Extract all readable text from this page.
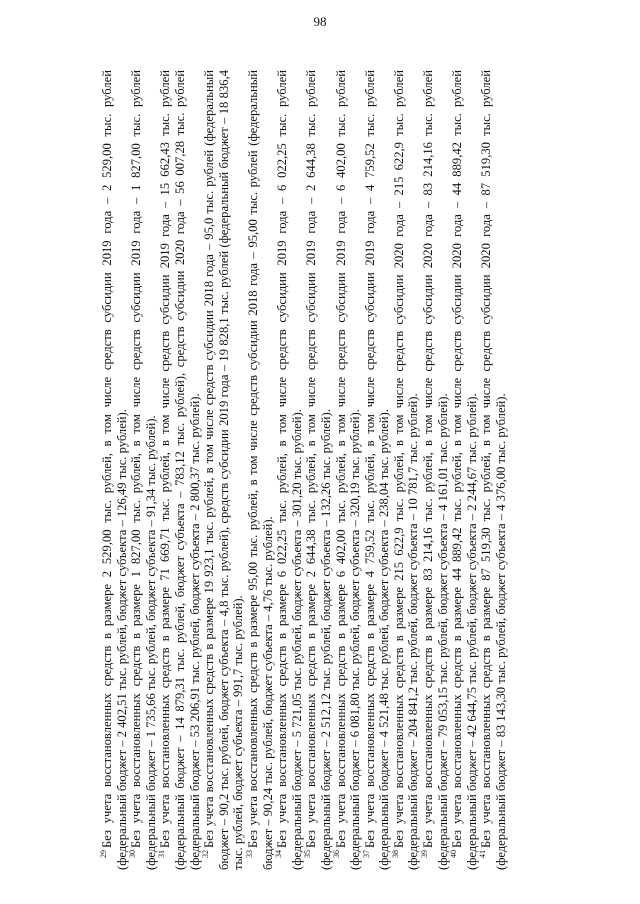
98

$^{29}$Без учета восстановленных средств в размере 2 529,00 тыс. рублей, в том числе средств субсидии 2019 года – 2 529,00 тыс. рублей (федеральный бюджет – 2 402,51 тыс. рублей, бюджет субъекта – 126,49 тыс. рублей). $^{30}$Без учета восстановленных средств в размере 1 827,00 тыс. рублей, в том числе средств субсидии 2019 года – 1 827,00 тыс. рублей (федеральный бюджет – 1 735,66 тыс. рублей, бюджет субъекта – 91,34 тыс. рублей). $^{31}$Без учета восстановленных средств в размере 71 669,71 тыс. рублей, в том числе средств субсидии 2019 года – 15 662,43 тыс. рублей (федеральный бюджет – 14 879,31 тыс. рублей, бюджет субъекта – 783,12 тыс. рублей), средств субсидии 2020 года – 56 007,28 тыс. рублей (федеральный бюджет – 53 206,91 тыс. рублей, бюджет субъекта – 2 800,37 тыс. рублей). $^{32}$Без учета восстановленных средств в размере 19 923,1 тыс. рублей, в том числе средств субсидии 2018 года – 95,0 тыс. рублей (федеральный бюджет – 90,2 тыс. рублей, бюджет субъекта – 4,8 тыс. рублей), средств субсидии 2019 года – 19 828,1 тыс. рублей (федеральный бюджет – 18 836,4 тыс. рублей, бюджет субъекта – 991,7 тыс. рублей). $^{33}$Без учета восстановленных средств в размере 95,00 тыс. рублей, в том числе средств субсидии 2018 года – 95,00 тыс. рублей (федеральный бюджет – 90,24 тыс. рублей, бюджет субъекта – 4,76 тыс. рублей). $^{34}$Без учета восстановленных средств в размере 6 022,25 тыс. рублей, в том числе средств субсидии 2019 года – 6 022,25 тыс. рублей (федеральный бюджет – 5 721,05 тыс. рублей, бюджет субъекта – 301,20 тыс. рублей). $^{35}$Без учета восстановленных средств в размере 2 644,38 тыс. рублей, в том числе средств субсидии 2019 года – 2 644,38 тыс. рублей (федеральный бюджет – 2 512,12 тыс. рублей, бюджет субъекта – 132,26 тыс. рублей). $^{36}$Без учета восстановленных средств в размере 6 402,00 тыс. рублей, в том числе средств субсидии 2019 года – 6 402,00 тыс. рублей (федеральный бюджет – 6 081,80 тыс. рублей, бюджет субъекта – 320,19 тыс. рублей). $^{37}$Без учета восстановленных средств в размере 4 759,52 тыс. рублей, в том числе средств субсидии 2019 года – 4 759,52 тыс. рублей (федеральный бюджет – 4 521,48 тыс. рублей, бюджет субъекта – 238,04 тыс. рублей). $^{38}$Без учета восстановленных средств в размере 215 622,9 тыс. рублей, в том числе средств субсидии 2020 года – 215 622,9 тыс. рублей (федеральный бюджет – 204 841,2 тыс. рублей, бюджет субъекта – 10 781,7 тыс. рублей). $^{39}$Без учета восстановленных средств в размере 83 214,16 тыс. рублей, в том числе средств субсидии 2020 года – 83 214,16 тыс. рублей (федеральный бюджет – 79 053,15 тыс. рублей, бюджет субъекта – 4 161,01 тыс. рублей). $^{40}$Без учета восстановленных средств в размере 44 889,42 тыс. рублей, в том числе средств субсидии 2020 года – 44 889,42 тыс. рублей (федеральный бюджет – 42 644,75 тыс. рублей, бюджет субъекта – 2 244,67 тыс. рублей). $^{41}$Без учета восстановленных средств в размере 87 519,30 тыс. рублей, в том числе средств субсидии 2020 года – 87 519,30 тыс. рублей (федеральный бюджет – 83 143,30 тыс. рублей, бюджет субъекта – 4 376,00 тыс. рублей).
